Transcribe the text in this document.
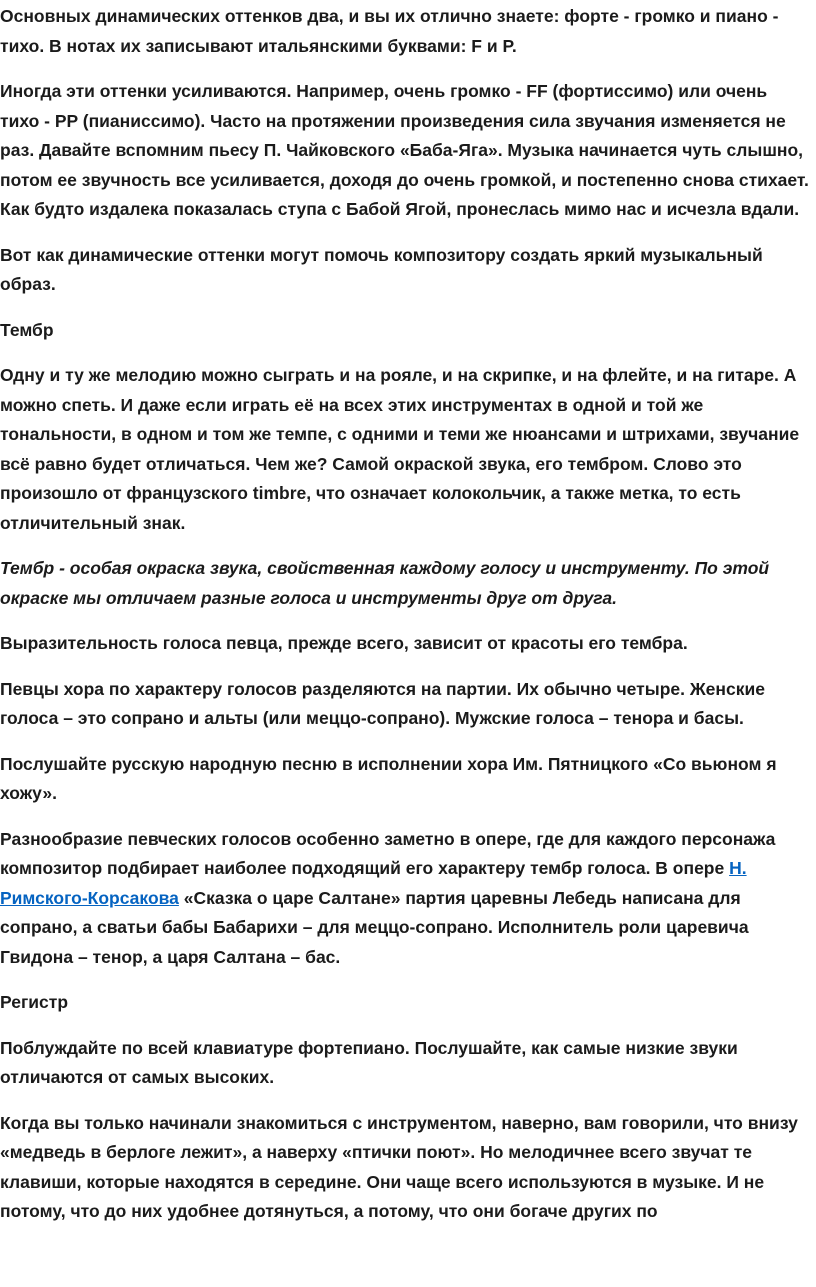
Основных динамических оттенков два, и вы их отлично знаете: форте - громко и пиано - тихо. В нотах их записывают итальянскими буквами: F и P.

Иногда эти оттенки усиливаются. Например, очень громко - FF (фортиссимо) или очень тихо - PP (пианиссимо). Часто на протяжении произведения сила звучания изменяется не раз. Давайте вспомним пьесу П. Чайковского «Баба-Яга». Музыка начинается чуть слышно, потом ее звучность все усиливается, доходя до очень громкой, и постепенно снова стихает. Как будто издалека показалась ступа с Бабой Ягой, пронеслась мимо нас и исчезла вдали.

Вот как динамические оттенки могут помочь композитору создать яркий музыкальный образ.

Тембр

Одну и ту же мелодию можно сыграть и на рояле, и на скрипке, и на флейте, и на гитаре. А можно спеть. И даже если играть её на всех этих инструментах в одной и той же тональности, в одном и том же темпе, с одними и теми же нюансами и штрихами, звучание всё равно будет отличаться. Чем же? Самой окраской звука, его тембром. Слово это произошло от французского timbre, что означает колокольчик, а также метка, то есть отличительный знак.

Тембр - особая окраска звука, свойственная каждому голосу и инструменту. По этой окраске мы отличаем разные голоса и инструменты друг от друга.

Выразительность голоса певца, прежде всего, зависит от красоты его тембра.

Певцы хора по характеру голосов разделяются на партии. Их обычно четыре. Женские голоса – это сопрано и альты (или меццо-сопрано). Мужские голоса – тенора и басы.

Послушайте русскую народную песню в исполнении хора Им. Пятницкого «Со вьюном я хожу».

Разнообразие певческих голосов особенно заметно в опере, где для каждого персонажа композитор подбирает наиболее подходящий его характеру тембр голоса. В опере Н. Римского-Корсакова «Сказка о царе Салтане» партия царевны Лебедь написана для сопрано, а сватьи бабы Бабарихи – для меццо-сопрано. Исполнитель роли царевича Гвидона – тенор, а царя Салтана – бас.

Регистр

Поблуждайте по всей клавиатуре фортепиано. Послушайте, как самые низкие звуки отличаются от самых высоких.

Когда вы только начинали знакомиться с инструментом, наверно, вам говорили, что внизу «медведь в берлоге лежит», а наверху «птички поют». Но мелодичнее всего звучат те клавиши, которые находятся в середине. Они чаще всего используются в музыке. И не потому, что до них удобнее дотянуться, а потому, что они богаче других по
